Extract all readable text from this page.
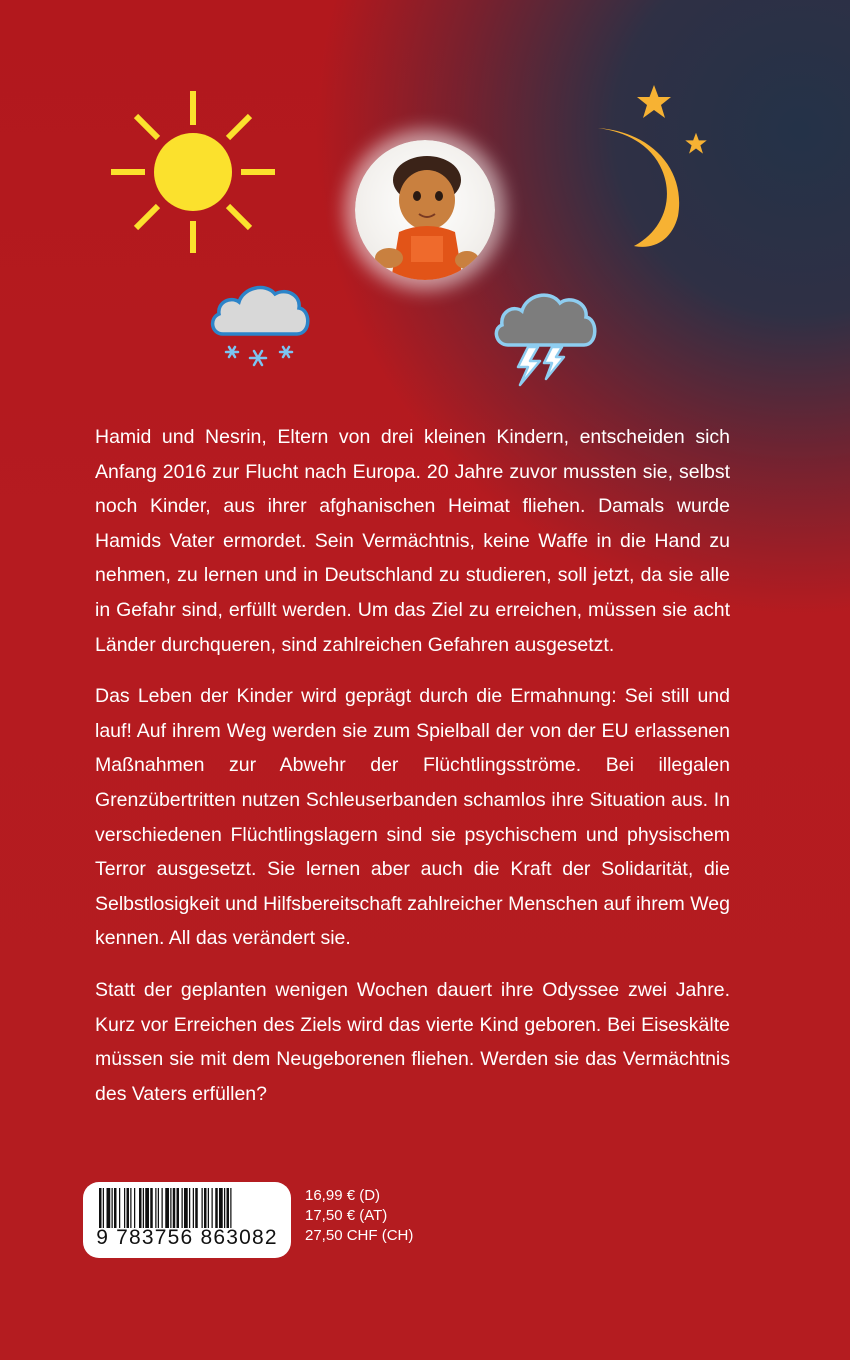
Hamid und Nesrin, Eltern von drei kleinen Kindern, entscheiden sich Anfang 2016 zur Flucht nach Europa. 20 Jahre zuvor mussten sie, selbst noch Kinder, aus ihrer afghanischen Heimat fliehen. Damals wurde Hamids Vater ermordet. Sein Vermächtnis, keine Waffe in die Hand zu nehmen, zu lernen und in Deutschland zu studieren, soll jetzt, da sie alle in Gefahr sind, erfüllt werden. Um das Ziel zu erreichen, müssen sie acht Länder durchqueren, sind zahlreichen Gefahren ausgesetzt.

Das Leben der Kinder wird geprägt durch die Ermahnung: Sei still und lauf! Auf ihrem Weg werden sie zum Spielball der von der EU erlassenen Maßnahmen zur Abwehr der Flüchtlingsströme. Bei illegalen Grenzübertritten nutzen Schleuserbanden schamlos ihre Situation aus. In verschiedenen Flüchtlingslagern sind sie psychischem und physischem Terror ausgesetzt. Sie lernen aber auch die Kraft der Solidarität, die Selbstlosigkeit und Hilfsbereitschaft zahlreicher Menschen auf ihrem Weg kennen. All das verändert sie.

Statt der geplanten wenigen Wochen dauert ihre Odyssee zwei Jahre. Kurz vor Erreichen des Ziels wird das vierte Kind geboren. Bei Eiseskälte müssen sie mit dem Neugeborenen fliehen. Werden sie das Vermächtnis des Vaters erfüllen?

9 783756 863082
16,99 € (D)
17,50 € (AT)
27,50 CHF (CH)
